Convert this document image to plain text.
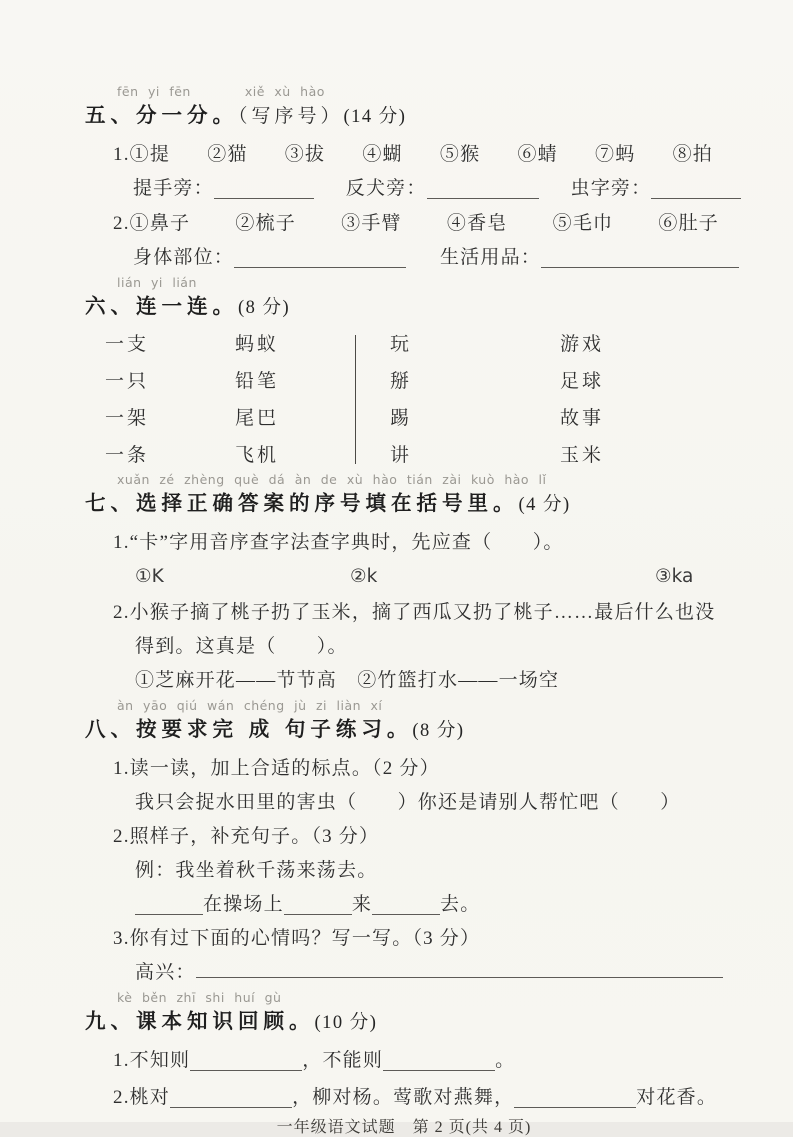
fēn yi fēn	xiě xù hào
五、分一分。（写序号）(14 分)
1. ①提 ②猫 ③拔 ④蝴 ⑤猴 ⑥蜻 ⑦蚂 ⑧拍
提手旁：	反犬旁：	虫字旁：
2. ①鼻子 ②梳子 ③手臂 ④香皂 ⑤毛巾 ⑥肚子
身体部位：	生活用品：
lián yi lián
六、连一连。(8 分)
一支	蚂蚁	玩	游戏
一只	铅笔	掰	足球
一架	尾巴	踢	故事
一条	飞机	讲	玉米
xuǎn zé zhèng què dá àn de xù hào tián zài kuò hào lǐ
七、选择正确答案的序号填在括号里。(4 分)
1.“卡”字用音序查字法查字典时，先应查（　　）。
①K	②k	③ka
2.小猴子摘了桃子扔了玉米，摘了西瓜又扔了桃子……最后什么也没
得到。这真是（　　）。
①芝麻开花——节节高　②竹篮打水——一场空
àn yāo qiú wán chéng jù zi liàn xí
八、按要求完 成 句子练习。(8 分)
1.读一读，加上合适的标点。（2 分）
我只会捉水田里的害虫（　　）你还是请别人帮忙吧（　　）
2.照样子，补充句子。（3 分）
例：我坐着秋千荡来荡去。
在操场上	来	去。
3.你有过下面的心情吗？写一写。（3 分）
高兴：
kè běn zhī shi huí gù
九、课本知识回顾。(10 分)
1.不知则	，不能则	。
2.桃对	，柳对杨。莺歌对燕舞，	对花香。
一年级语文试题　第 2 页(共 4 页)
